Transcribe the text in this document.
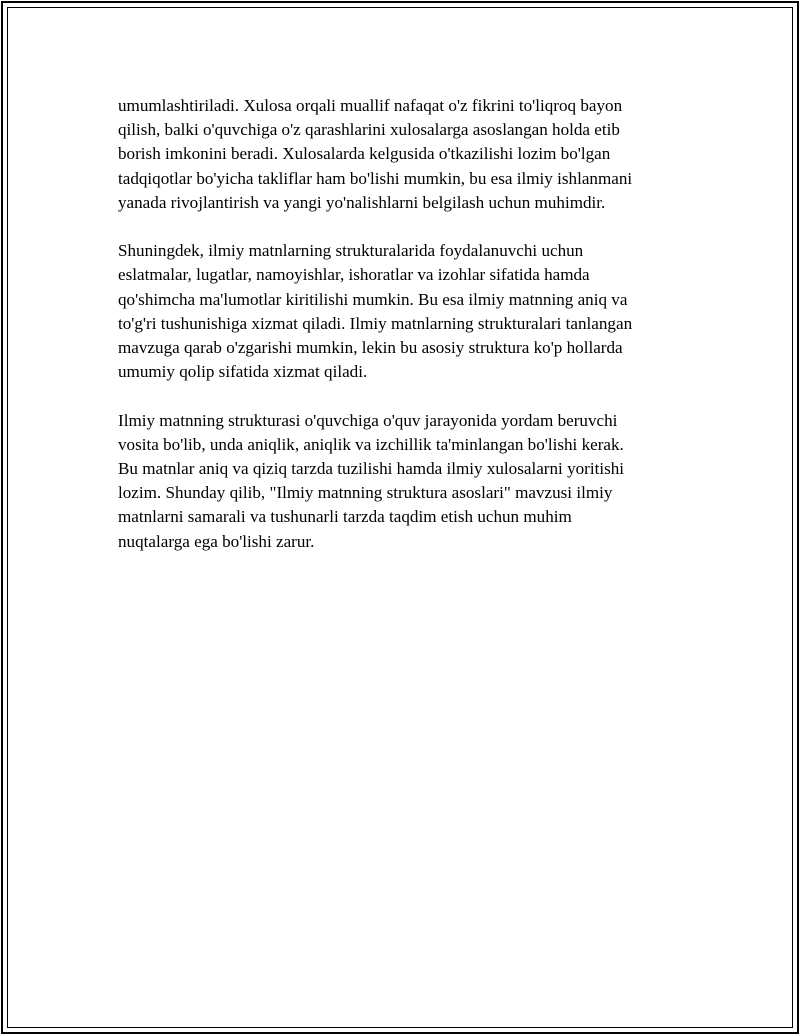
umumlashtiriladi. Xulosa orqali muallif nafaqat o'z fikrini to'liqroq bayon
qilish, balki o'quvchiga o'z qarashlarini xulosalarga asoslangan holda etib
borish imkonini beradi. Xulosalarda kelgusida o'tkazilishi lozim bo'lgan
tadqiqotlar bo'yicha takliflar ham bo'lishi mumkin, bu esa ilmiy ishlanmani
yanada rivojlantirish va yangi yo'nalishlarni belgilash uchun muhimdir.

Shuningdek, ilmiy matnlarning strukturalarida foydalanuvchi uchun
eslatmalar, lugatlar, namoyishlar, ishoratlar va izohlar sifatida hamda
qo'shimcha ma'lumotlar kiritilishi mumkin. Bu esa ilmiy matnning aniq va
to'g'ri tushunishiga xizmat qiladi. Ilmiy matnlarning strukturalari tanlangan
mavzuga qarab o'zgarishi mumkin, lekin bu asosiy struktura ko'p hollarda
umumiy qolip sifatida xizmat qiladi.

Ilmiy matnning strukturasi o'quvchiga o'quv jarayonida yordam beruvchi
vosita bo'lib, unda aniqlik, aniqlik va izchillik ta'minlangan bo'lishi kerak.
Bu matnlar aniq va qiziq tarzda tuzilishi hamda ilmiy xulosalarni yoritishi
lozim. Shunday qilib, "Ilmiy matnning struktura asoslari" mavzusi ilmiy
matnlarni samarali va tushunarli tarzda taqdim etish uchun muhim
nuqtalarga ega bo'lishi zarur.
